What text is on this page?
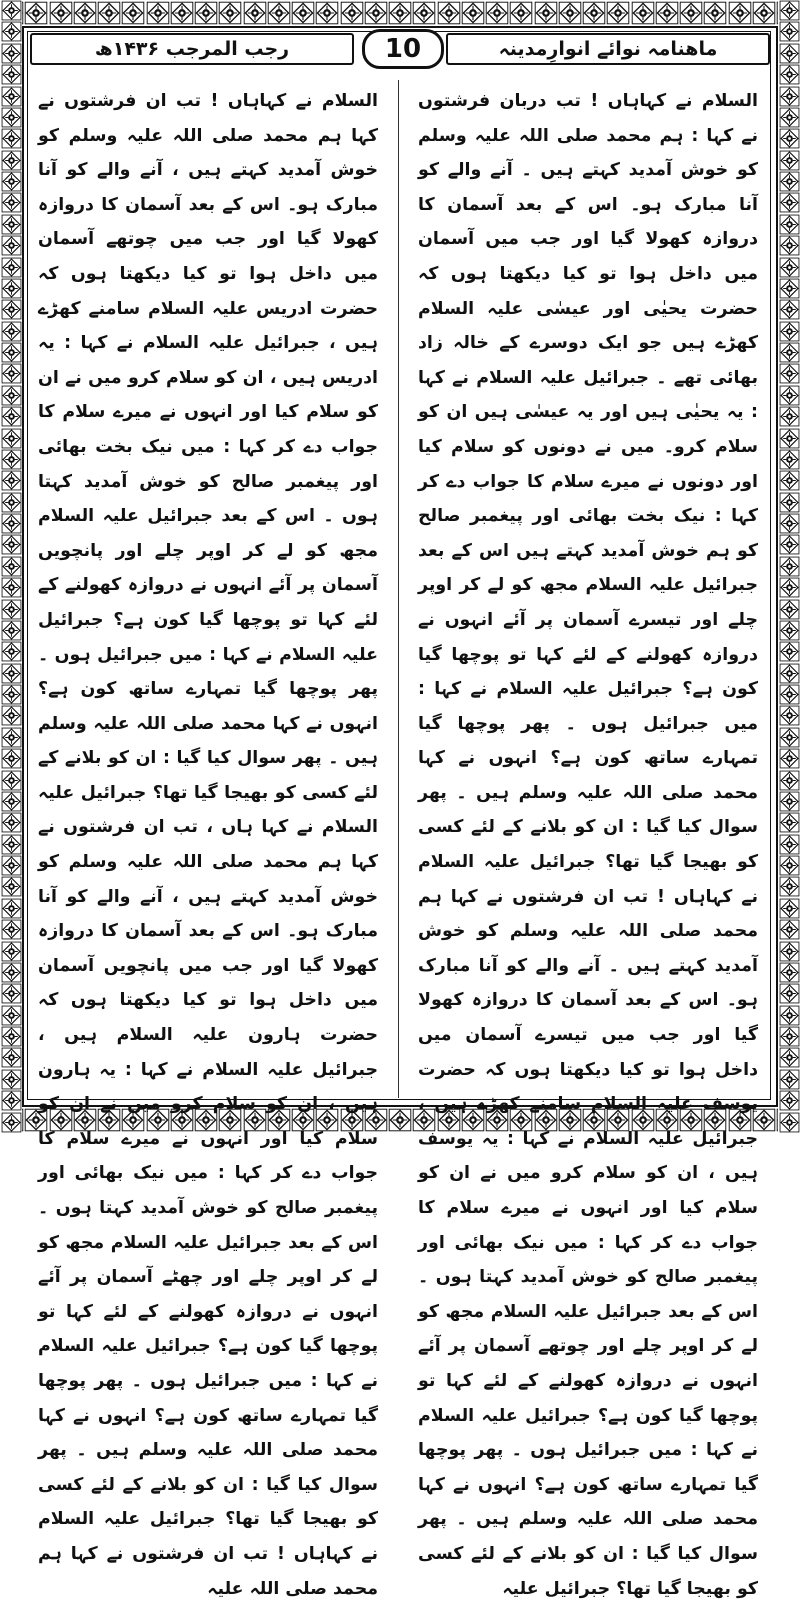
ماھنامہ نوائے انوارِمدینہ
10
رجب المرجب ۱۴۳۶ھ

السلام نے کہاہاں ! تب دربان فرشتوں نے کہا : ہم محمد صلی اللہ علیہ وسلم کو خوش آمدید کہتے ہیں ۔ آنے والے کو آنا مبارک ہو۔ اس کے بعد آسمان کا دروازہ کھولا گیا اور جب میں آسمان میں داخل ہوا تو کیا دیکھتا ہوں کہ حضرت یحیٰی اور عیسٰی علیہ السلام کھڑے ہیں جو ایک دوسرے کے خالہ زاد بھائی تھے ۔ جبرائیل علیہ السلام نے کہا : یہ یحیٰی ہیں اور یہ عیسٰی ہیں ان کو سلام کرو۔ میں نے دونوں کو سلام کیا اور دونوں نے میرے سلام کا جواب دے کر کہا : نیک بخت بھائی اور پیغمبر صالح کو ہم خوش آمدید کہتے ہیں اس کے بعد جبرائیل علیہ السلام مجھ کو لے کر اوپر چلے اور تیسرے آسمان پر آئے انہوں نے دروازہ کھولنے کے لئے کہا تو پوچھا گیا کون ہے؟ جبرائیل علیہ السلام نے کہا : میں جبرائیل ہوں ۔ پھر پوچھا گیا تمہارے ساتھ کون ہے؟ انہوں نے کہا محمد صلی اللہ علیہ وسلم ہیں ۔ پھر سوال کیا گیا : ان کو بلانے کے لئے کسی کو بھیجا گیا تھا؟ جبرائیل علیہ السلام نے کہاہاں ! تب ان فرشتوں نے کہا ہم محمد صلی اللہ علیہ وسلم کو خوش آمدید کہتے ہیں ۔ آنے والے کو آنا مبارک ہو۔ اس کے بعد آسمان کا دروازہ کھولا گیا اور جب میں تیسرے آسمان میں داخل ہوا تو کیا دیکھتا ہوں کہ حضرت یوسف علیہ السلام سامنے کھڑے ہیں ، جبرائیل علیہ السلام نے کہا : یہ یوسف ہیں ، ان کو سلام کرو میں نے ان کو سلام کیا اور انہوں نے میرے سلام کا جواب دے کر کہا : میں نیک بھائی اور پیغمبر صالح کو خوش آمدید کہتا ہوں ۔ اس کے بعد جبرائیل علیہ السلام مجھ کو لے کر اوپر چلے اور چوتھے آسمان پر آئے انہوں نے دروازہ کھولنے کے لئے کہا تو پوچھا گیا کون ہے؟ جبرائیل علیہ السلام نے کہا : میں جبرائیل ہوں ۔ پھر پوچھا گیا تمہارے ساتھ کون ہے؟ انہوں نے کہا محمد صلی اللہ علیہ وسلم ہیں ۔ پھر سوال کیا گیا : ان کو بلانے کے لئے کسی کو بھیجا گیا تھا؟ جبرائیل علیہ

السلام نے کہاہاں ! تب ان فرشتوں نے کہا ہم محمد صلی اللہ علیہ وسلم کو خوش آمدید کہتے ہیں ، آنے والے کو آنا مبارک ہو۔ اس کے بعد آسمان کا دروازہ کھولا گیا اور جب میں چوتھے آسمان میں داخل ہوا تو کیا دیکھتا ہوں کہ حضرت ادریس علیہ السلام سامنے کھڑے ہیں ، جبرائیل علیہ السلام نے کہا : یہ ادریس ہیں ، ان کو سلام کرو میں نے ان کو سلام کیا اور انہوں نے میرے سلام کا جواب دے کر کہا : میں نیک بخت بھائی اور پیغمبر صالح کو خوش آمدید کہتا ہوں ۔ اس کے بعد جبرائیل علیہ السلام مجھ کو لے کر اوپر چلے اور پانچویں آسمان پر آئے انہوں نے دروازہ کھولنے کے لئے کہا تو پوچھا گیا کون ہے؟ جبرائیل علیہ السلام نے کہا : میں جبرائیل ہوں ۔ پھر پوچھا گیا تمہارے ساتھ کون ہے؟ انہوں نے کہا محمد صلی اللہ علیہ وسلم ہیں ۔ پھر سوال کیا گیا : ان کو بلانے کے لئے کسی کو بھیجا گیا تھا؟ جبرائیل علیہ السلام نے کہا ہاں ، تب ان فرشتوں نے کہا ہم محمد صلی اللہ علیہ وسلم کو خوش آمدید کہتے ہیں ، آنے والے کو آنا مبارک ہو۔ اس کے بعد آسمان کا دروازہ کھولا گیا اور جب میں پانچویں آسمان میں داخل ہوا تو کیا دیکھتا ہوں کہ حضرت ہارون علیہ السلام ہیں ، جبرائیل علیہ السلام نے کہا : یہ ہارون ہیں ، ان کو سلام کرو میں نے ان کو سلام کیا اور انہوں نے میرے سلام کا جواب دے کر کہا : میں نیک بھائی اور پیغمبر صالح کو خوش آمدید کہتا ہوں ۔ اس کے بعد جبرائیل علیہ السلام مجھ کو لے کر اوپر چلے اور چھٹے آسمان پر آئے انہوں نے دروازہ کھولنے کے لئے کہا تو پوچھا گیا کون ہے؟ جبرائیل علیہ السلام نے کہا : میں جبرائیل ہوں ۔ پھر پوچھا گیا تمہارے ساتھ کون ہے؟ انہوں نے کہا محمد صلی اللہ علیہ وسلم ہیں ۔ پھر سوال کیا گیا : ان کو بلانے کے لئے کسی کو بھیجا گیا تھا؟ جبرائیل علیہ السلام نے کہاہاں ! تب ان فرشتوں نے کہا ہم محمد صلی اللہ علیہ
